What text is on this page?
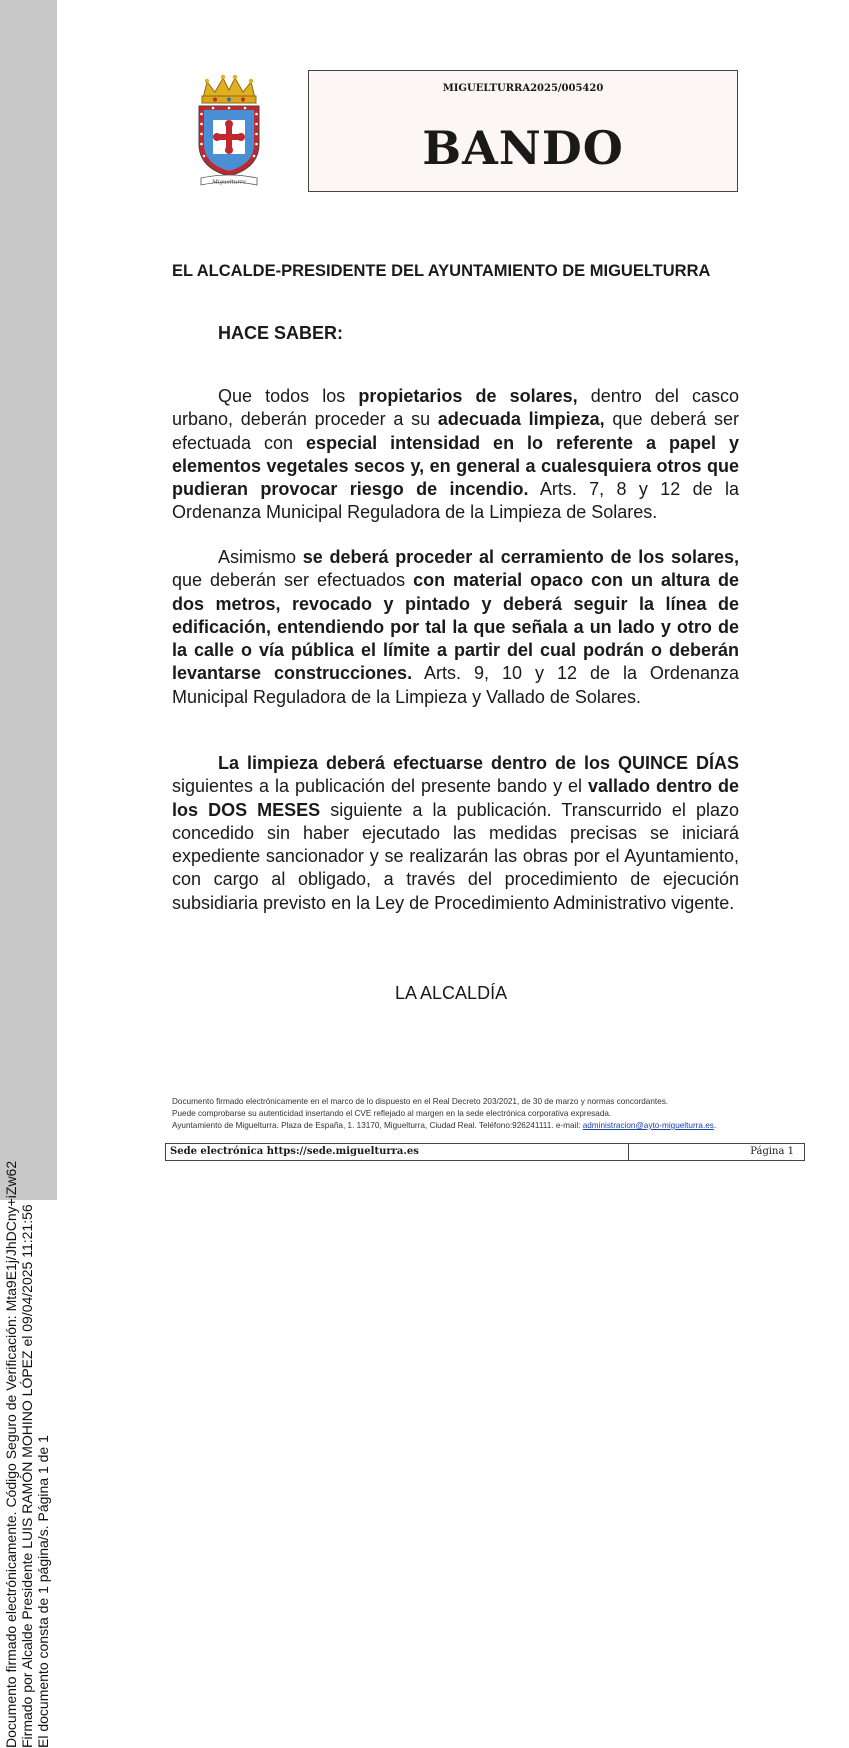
Documento firmado electrónicamente. Código Seguro de Verificación: Mta9E1j/JhDCny+iZw62 Firmado por Alcalde Presidente LUIS RAMÓN MOHINO LÓPEZ el 09/04/2025 11:21:56 El documento consta de 1 página/s. Página 1 de 1
Miguelturra
MIGUELTURRA2025/005420
BANDO
EL ALCALDE-PRESIDENTE DEL AYUNTAMIENTO DE MIGUELTURRA
HACE SABER:
Que todos los propietarios de solares, dentro del casco urbano, deberán proceder a su adecuada limpieza, que deberá ser efectuada con especial intensidad en lo referente a papel y elementos vegetales secos y, en general a cualesquiera otros que pudieran provocar riesgo de incendio. Arts. 7, 8 y 12 de la Ordenanza Municipal Reguladora de la Limpieza de Solares.
Asimismo se deberá proceder al cerramiento de los solares, que deberán ser efectuados con material opaco con un altura de dos metros, revocado y pintado y deberá seguir la línea de edificación, entendiendo por tal la que señala a un lado y otro de la calle o vía pública el límite a partir del cual podrán o deberán levantarse construcciones. Arts. 9, 10 y 12 de la Ordenanza Municipal Reguladora de la Limpieza y Vallado de Solares.
La limpieza deberá efectuarse dentro de los QUINCE DÍAS siguientes a la publicación del presente bando y el vallado dentro de los DOS MESES siguiente a la publicación. Transcurrido el plazo concedido sin haber ejecutado las medidas precisas se iniciará expediente sancionador y se realizarán las obras por el Ayuntamiento, con cargo al obligado, a través del procedimiento de ejecución subsidiaria previsto en la Ley de Procedimiento Administrativo vigente.
LA ALCALDÍA
Documento firmado electrónicamente en el marco de lo dispuesto en el Real Decreto 203/2021, de 30 de marzo y normas concordantes.
Puede comprobarse su autenticidad insertando el CVE reflejado al margen en la sede electrónica corporativa expresada.
Ayuntamiento de Miguelturra. Plaza de España, 1. 13170, Miguelturra, Ciudad Real. Teléfono:926241111. e-mail: administracion@ayto-miguelturra.es.
Sede electrónica https://sede.miguelturra.es	Página 1
